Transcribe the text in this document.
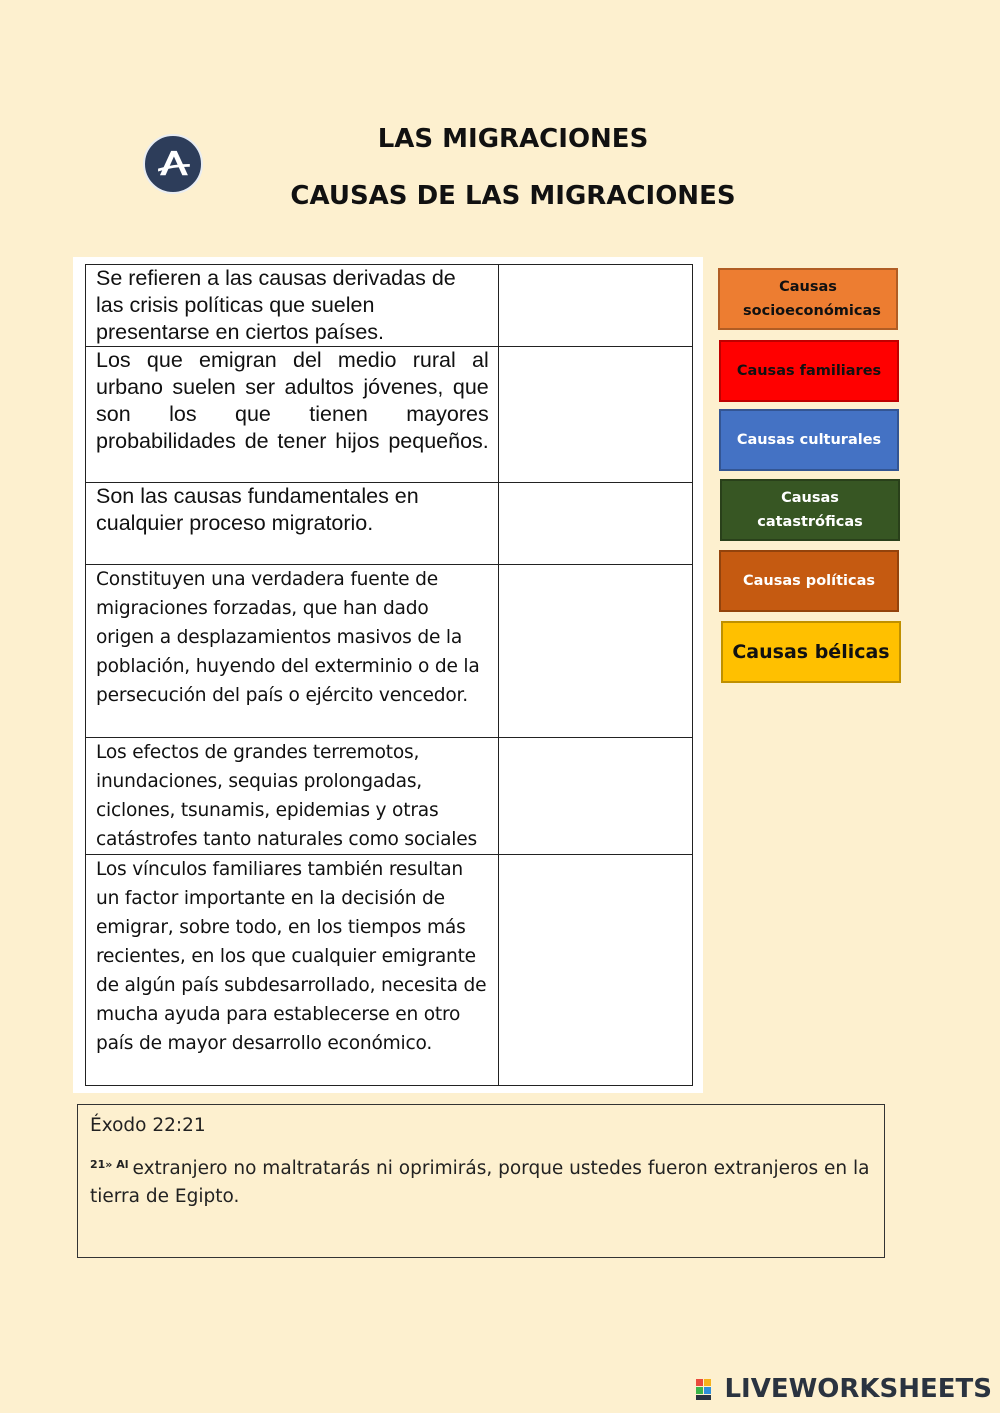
LAS MIGRACIONES
CAUSAS DE LAS MIGRACIONES
Se refieren a las causas derivadas de las crisis políticas que suelen presentarse en ciertos países.	

Los que emigran del medio rural al urbano suelen ser adultos jóvenes, que son los que tienen mayores probabilidades de tener hijos pequeños.	

Son las causas fundamentales en cualquier proceso migratorio.	

Constituyen una verdadera fuente de migraciones forzadas, que han dado origen a desplazamientos masivos de la población, huyendo del exterminio o de la persecución del país o ejército vencedor.	

Los efectos de grandes terremotos, inundaciones, sequias prolongadas, ciclones, tsunamis, epidemias y otras catástrofes tanto naturales como sociales	

Los vínculos familiares también resultan un factor importante en la decisión de emigrar, sobre todo, en los tiempos más recientes, en los que cualquier emigrante de algún país subdesarrollado, necesita de mucha ayuda para establecerse en otro país de mayor desarrollo económico.	

Causas socioeconómicas
Causas familiares
Causas culturales
Causas catastróficas
Causas políticas
Causas bélicas
Éxodo 22:21
$^{21» Al}$ extranjero no maltratarás ni oprimirás, porque ustedes fueron extranjeros en la tierra de Egipto.
LIVEWORKSHEETS
